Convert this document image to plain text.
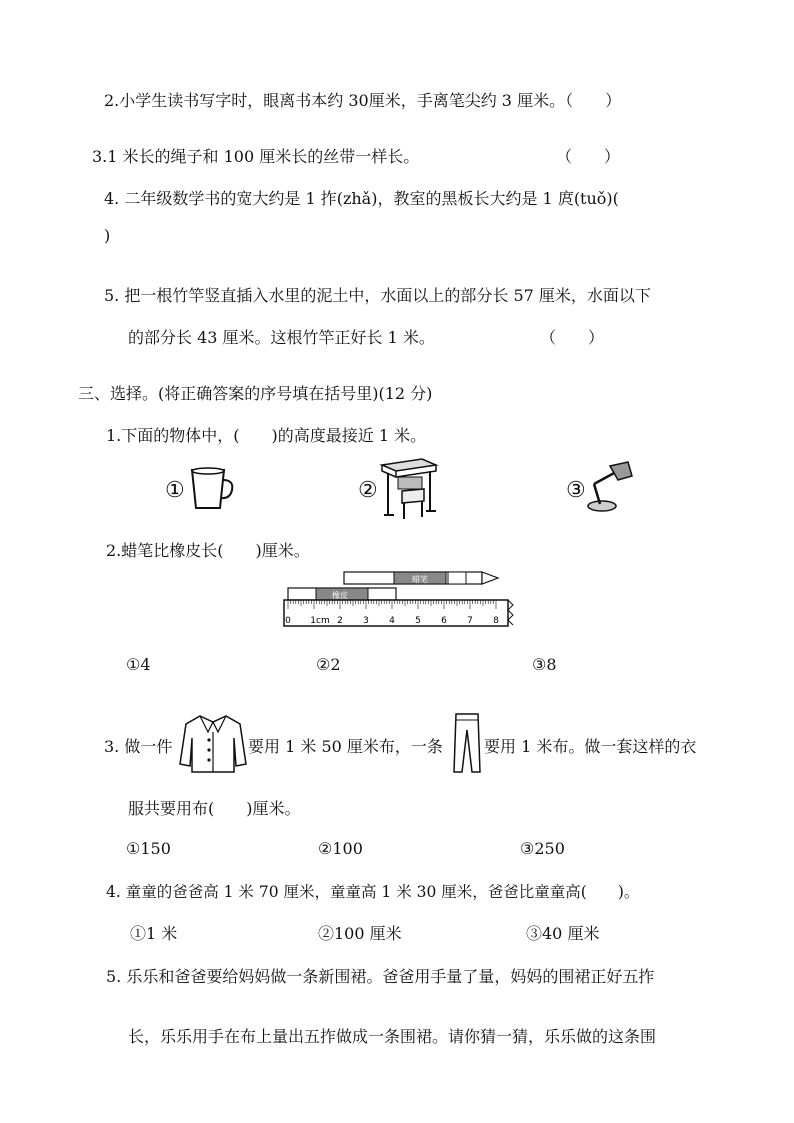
2.小学生读书写字时，眼离书本约 30厘米，手离笔尖约 3 厘米。（　　）
3.1 米长的绳子和 100 厘米长的丝带一样长。	（　　）
4. 二年级数学书的宽大约是 1 拃(zhǎ)，教室的黑板长大约是 1 庹(tuǒ)(
)
5. 把一根竹竿竖直插入水里的泥土中，水面以上的部分长 57 厘米，水面以下
的部分长 43 厘米。这根竹竿正好长 1 米。	（　　）
三、选择。(将正确答案的序号填在括号里)(12 分)
1.下面的物体中，(　　)的高度最接近 1 米。
①	②	③
2.蜡笔比橡皮长(　　)厘米。
蜡笔
橡皮
0 1cm 2 3 4 5 6 7 8
①4	②2	③8
3. 做一件	要用 1 米 50 厘米布，一条	要用 1 米布。做一套这样的衣
服共要用布(　　)厘米。
①150	②100	③250
4. 童童的爸爸高 1 米 70 厘米，童童高 1 米 30 厘米，爸爸比童童高(　　)。
①1 米	②100 厘米	③40 厘米
5. 乐乐和爸爸要给妈妈做一条新围裙。爸爸用手量了量，妈妈的围裙正好五拃
长，乐乐用手在布上量出五拃做成一条围裙。请你猜一猜，乐乐做的这条围
